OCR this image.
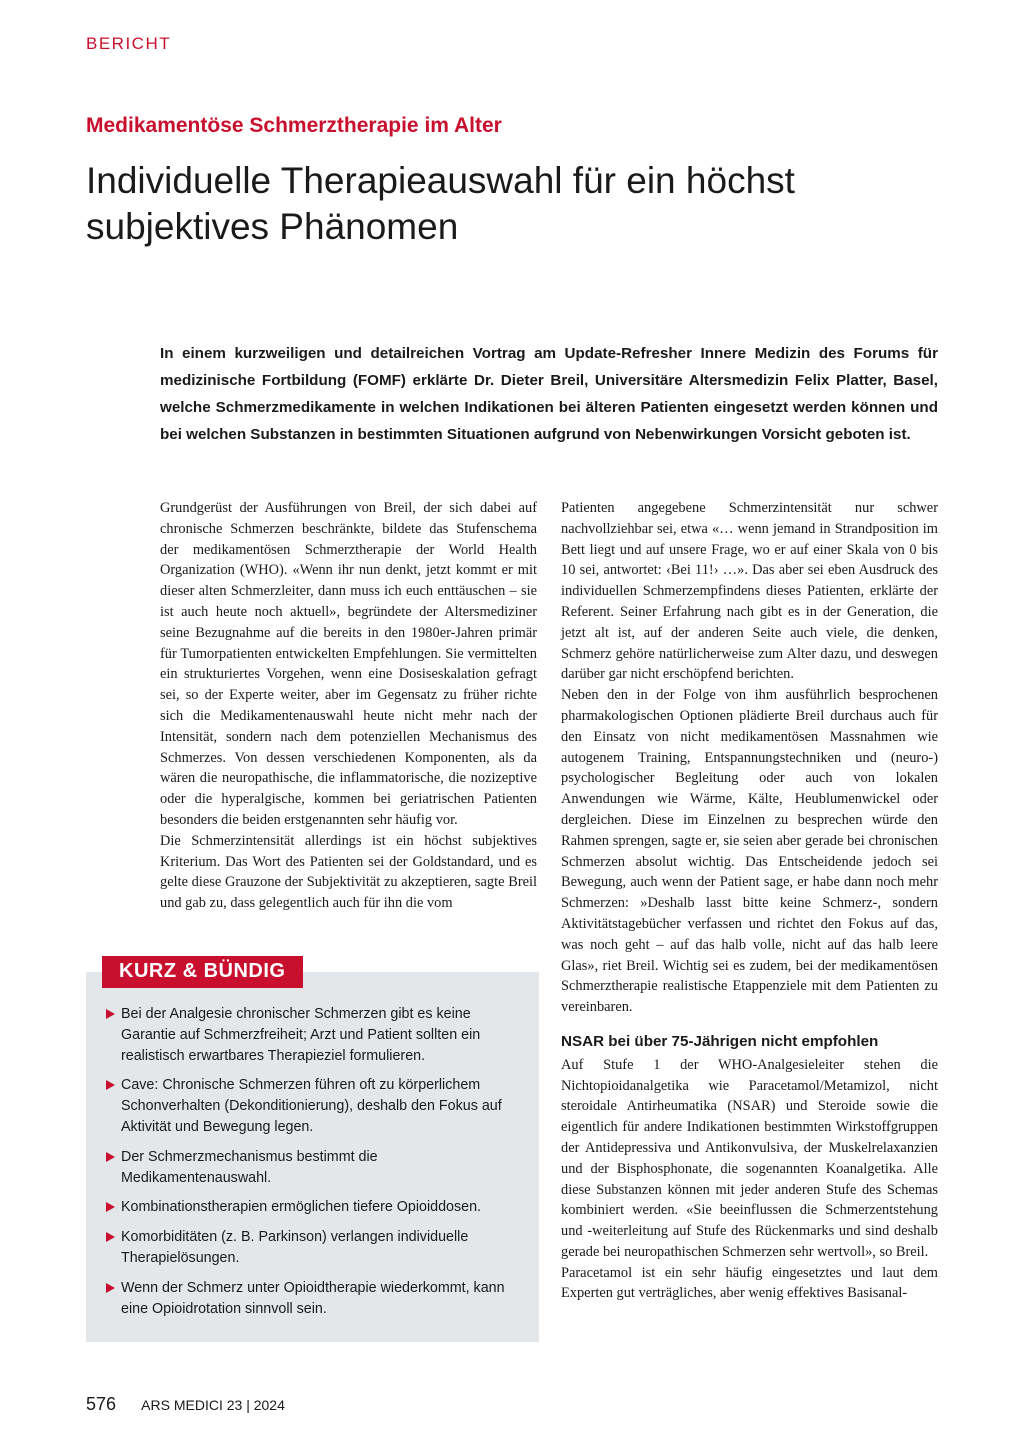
BERICHT
Medikamentöse Schmerztherapie im Alter
Individuelle Therapieauswahl für ein höchst subjektives Phänomen

In einem kurzweiligen und detailreichen Vortrag am Update-Refresher Innere Medizin des Forums für medizinische Fortbildung (FOMF) erklärte Dr. Dieter Breil, Universitäre Altersmedizin Felix Platter, Basel, welche Schmerzmedikamente in welchen Indikationen bei älteren Patienten eingesetzt werden können und bei welchen Substanzen in bestimmten Situationen aufgrund von Nebenwirkungen Vorsicht geboten ist.

Grundgerüst der Ausführungen von Breil, der sich dabei auf chronische Schmerzen beschränkte, bildete das Stufenschema der medikamentösen Schmerztherapie der World Health Organization (WHO). «Wenn ihr nun denkt, jetzt kommt er mit dieser alten Schmerzleiter, dann muss ich euch enttäuschen – sie ist auch heute noch aktuell», begründete der Altersmediziner seine Bezugnahme auf die bereits in den 1980er-Jahren primär für Tumorpatienten entwickelten Empfehlungen. Sie vermittelten ein strukturiertes Vorgehen, wenn eine Dosiseskalation gefragt sei, so der Experte weiter, aber im Gegensatz zu früher richte sich die Medikamentenauswahl heute nicht mehr nach der Intensität, sondern nach dem potenziellen Mechanismus des Schmerzes. Von dessen verschiedenen Komponenten, als da wären die neuropathische, die inflammatorische, die nozizeptive oder die hyperalgische, kommen bei geriatrischen Patienten besonders die beiden erstgenannten sehr häufig vor.

Die Schmerzintensität allerdings ist ein höchst subjektives Kriterium. Das Wort des Patienten sei der Goldstandard, und es gelte diese Grauzone der Subjektivität zu akzeptieren, sagte Breil und gab zu, dass gelegentlich auch für ihn die vom

Patienten angegebene Schmerzintensität nur schwer nachvollziehbar sei, etwa «… wenn jemand in Strandposition im Bett liegt und auf unsere Frage, wo er auf einer Skala von 0 bis 10 sei, antwortet: ‹Bei 11!› …». Das aber sei eben Ausdruck des individuellen Schmerzempfindens dieses Patienten, erklärte der Referent. Seiner Erfahrung nach gibt es in der Generation, die jetzt alt ist, auf der anderen Seite auch viele, die denken, Schmerz gehöre natürlicherweise zum Alter dazu, und deswegen darüber gar nicht erschöpfend berichten.

Neben den in der Folge von ihm ausführlich besprochenen pharmakologischen Optionen plädierte Breil durchaus auch für den Einsatz von nicht medikamentösen Massnahmen wie autogenem Training, Entspannungstechniken und (neuro-) psychologischer Begleitung oder auch von lokalen Anwendungen wie Wärme, Kälte, Heublumenwickel oder dergleichen. Diese im Einzelnen zu besprechen würde den Rahmen sprengen, sagte er, sie seien aber gerade bei chronischen Schmerzen absolut wichtig. Das Entscheidende jedoch sei Bewegung, auch wenn der Patient sage, er habe dann noch mehr Schmerzen: »Deshalb lasst bitte keine Schmerz-, sondern Aktivitätstagebücher verfassen und richtet den Fokus auf das, was noch geht – auf das halb volle, nicht auf das halb leere Glas», riet Breil. Wichtig sei es zudem, bei der medikamentösen Schmerztherapie realistische Etappenziele mit dem Patienten zu vereinbaren.

NSAR bei über 75-Jährigen nicht empfohlen

Auf Stufe 1 der WHO-Analgesieleiter stehen die Nichtopioidanalgetika wie Paracetamol/Metamizol, nicht steroidale Antirheumatika (NSAR) und Steroide sowie die eigentlich für andere Indikationen bestimmten Wirkstoffgruppen der Antidepressiva und Antikonvulsiva, der Muskelrelaxanzien und der Bisphosphonate, die sogenannten Koanalgetika. Alle diese Substanzen können mit jeder anderen Stufe des Schemas kombiniert werden. «Sie beeinflussen die Schmerzentstehung und -weiterleitung auf Stufe des Rückenmarks und sind deshalb gerade bei neuropathischen Schmerzen sehr wertvoll», so Breil.

Paracetamol ist ein sehr häufig eingesetztes und laut dem Experten gut verträgliches, aber wenig effektives Basisanal-

Bei der Analgesie chronischer Schmerzen gibt es keine Garantie auf Schmerzfreiheit; Arzt und Patient sollten ein realistisch erwartbares Therapieziel formulieren.
Cave: Chronische Schmerzen führen oft zu körperlichem Schonverhalten (Dekonditionierung), deshalb den Fokus auf Aktivität und Bewegung legen.
Der Schmerzmechanismus bestimmt die Medikamentenauswahl.
Kombinationstherapien ermöglichen tiefere Opioiddosen.
Komorbiditäten (z. B. Parkinson) verlangen individuelle Therapielösungen.
Wenn der Schmerz unter Opioidtherapie wiederkommt, kann eine Opioidrotation sinnvoll sein.
KURZ & BÜNDIG
576 ARS MEDICI 23 | 2024
